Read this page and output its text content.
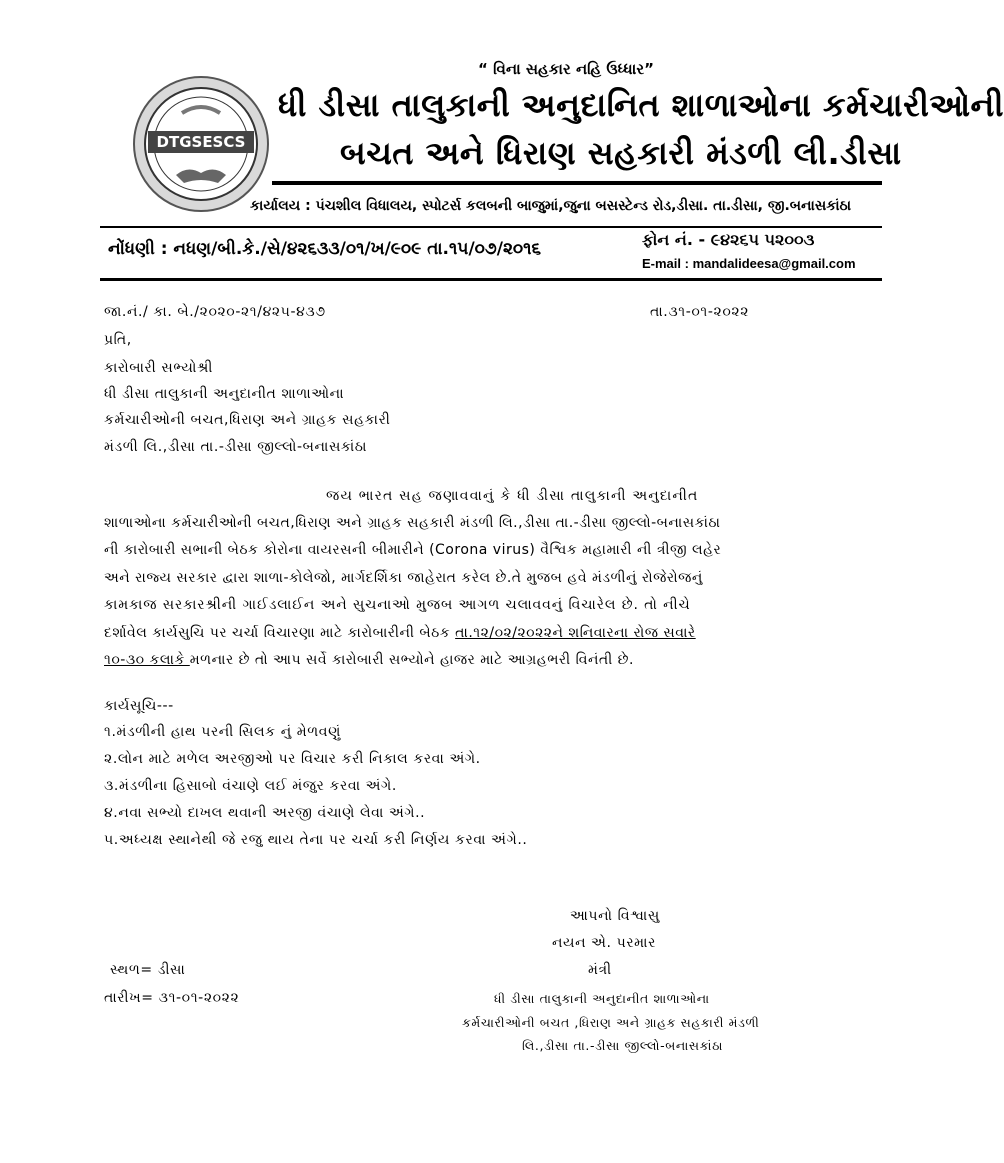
“ વિના સહકાર નહિ ઉધ્ધાર”
DTGSESCS
ધી ડીસા તાલુકાની અનુદાનિત શાળાઓના કર્મચારીઓની
બચત અને ધિરાણ સહકારી મંડળી લી.ડીસા
કાર્યાલય : પંચશીલ વિધાલય, સ્પોટર્સ કલબની બાજુમાં,જુના બસસ્ટેન્ડ રોડ,ડીસા. તા.ડીસા, જી.બનાસકાંઠા
નોંધણી : નધણ/બી.કે./સે/૪૨૬૩૩/૦૧/ખ/૯૦૯ તા.૧૫/૦૭/૨૦૧૬	ફોન નં. - ૯૪૨૬૫ ૫૨૦૦૩
E-mail : mandalideesa@gmail.com
જા.નં./ કા. બે./૨૦૨૦-૨૧/૪૨૫-૪૩૭	તા.૩૧-૦૧-૨૦૨૨
પ્રતિ,
કારોબારી સભ્યોશ્રી
ધી ડીસા તાલુકાની અનુદાનીત શાળાઓના
કર્મચારીઓની બચત,ધિરાણ અને ગ્રાહક સહકારી
મંડળી લિ.,ડીસા તા.-ડીસા જીલ્લો-બનાસકાંઠા
જય ભારત સહ જણાવવાનું કે ધી ડીસા તાલુકાની અનુદાનીત
શાળાઓના કર્મચારીઓની બચત,ધિરાણ અને ગ્રાહક સહકારી મંડળી લિ.,ડીસા તા.-ડીસા જીલ્લો-બનાસકાંઠા
ની કારોબારી સભાની બેઠક કોરોના વાયરસની બીમારીને (Corona virus) વૈશ્વિક મહામારી ની ત્રીજી લહેર
અને રાજ્ય સરકાર દ્વારા શાળા-કોલેજો, માર્ગદર્શિકા જાહેરાત કરેલ છે.તે મુજબ હવે મંડળીનું રોજેરોજનું
કામકાજ સરકારશ્રીની ગાઈડલાઈન અને સુચનાઓ મુજબ આગળ ચલાવવનું વિચારેલ છે. તો નીચે
દર્શાવેલ કાર્યસુચિ પર ચર્ચા વિચારણા માટે કારોબારીની બેઠક તા.૧૨/૦૨/૨૦૨૨ને શનિવારના રોજ સવારે
૧૦-૩૦ કલાકે મળનાર છે તો આપ સર્વે કારોબારી સભ્યોને હાજર માટે આગ્રહભરી વિનંતી છે.
કાર્યસૂચિ---
૧.મંડળીની હાથ પરની સિલક નું મેળવણું
૨.લોન માટે મળેલ અરજીઓ પર વિચાર કરી નિકાલ કરવા અંગે.
૩.મંડળીના હિસાબો વંચાણે લઈ મંજુર કરવા અંગે.
૪.નવા સભ્યો દાખલ થવાની અરજી વંચાણે લેવા અંગે..
૫.અધ્યક્ષ સ્થાનેથી જે રજુ થાય તેના પર ચર્ચા કરી નિર્ણય કરવા અંગે..
આપનો વિશ્વાસુ
નયન એ. પરમાર
મંત્રી
સ્થળ= ડીસા
તારીખ= ૩૧-૦૧-૨૦૨૨	ધી ડીસા તાલુકાની અનુદાનીત શાળાઓના
કર્મચારીઓની બચત ,ધિરાણ અને ગ્રાહક સહકારી મંડળી
લિ.,ડીસા તા.-ડીસા જીલ્લો-બનાસકાંઠા
